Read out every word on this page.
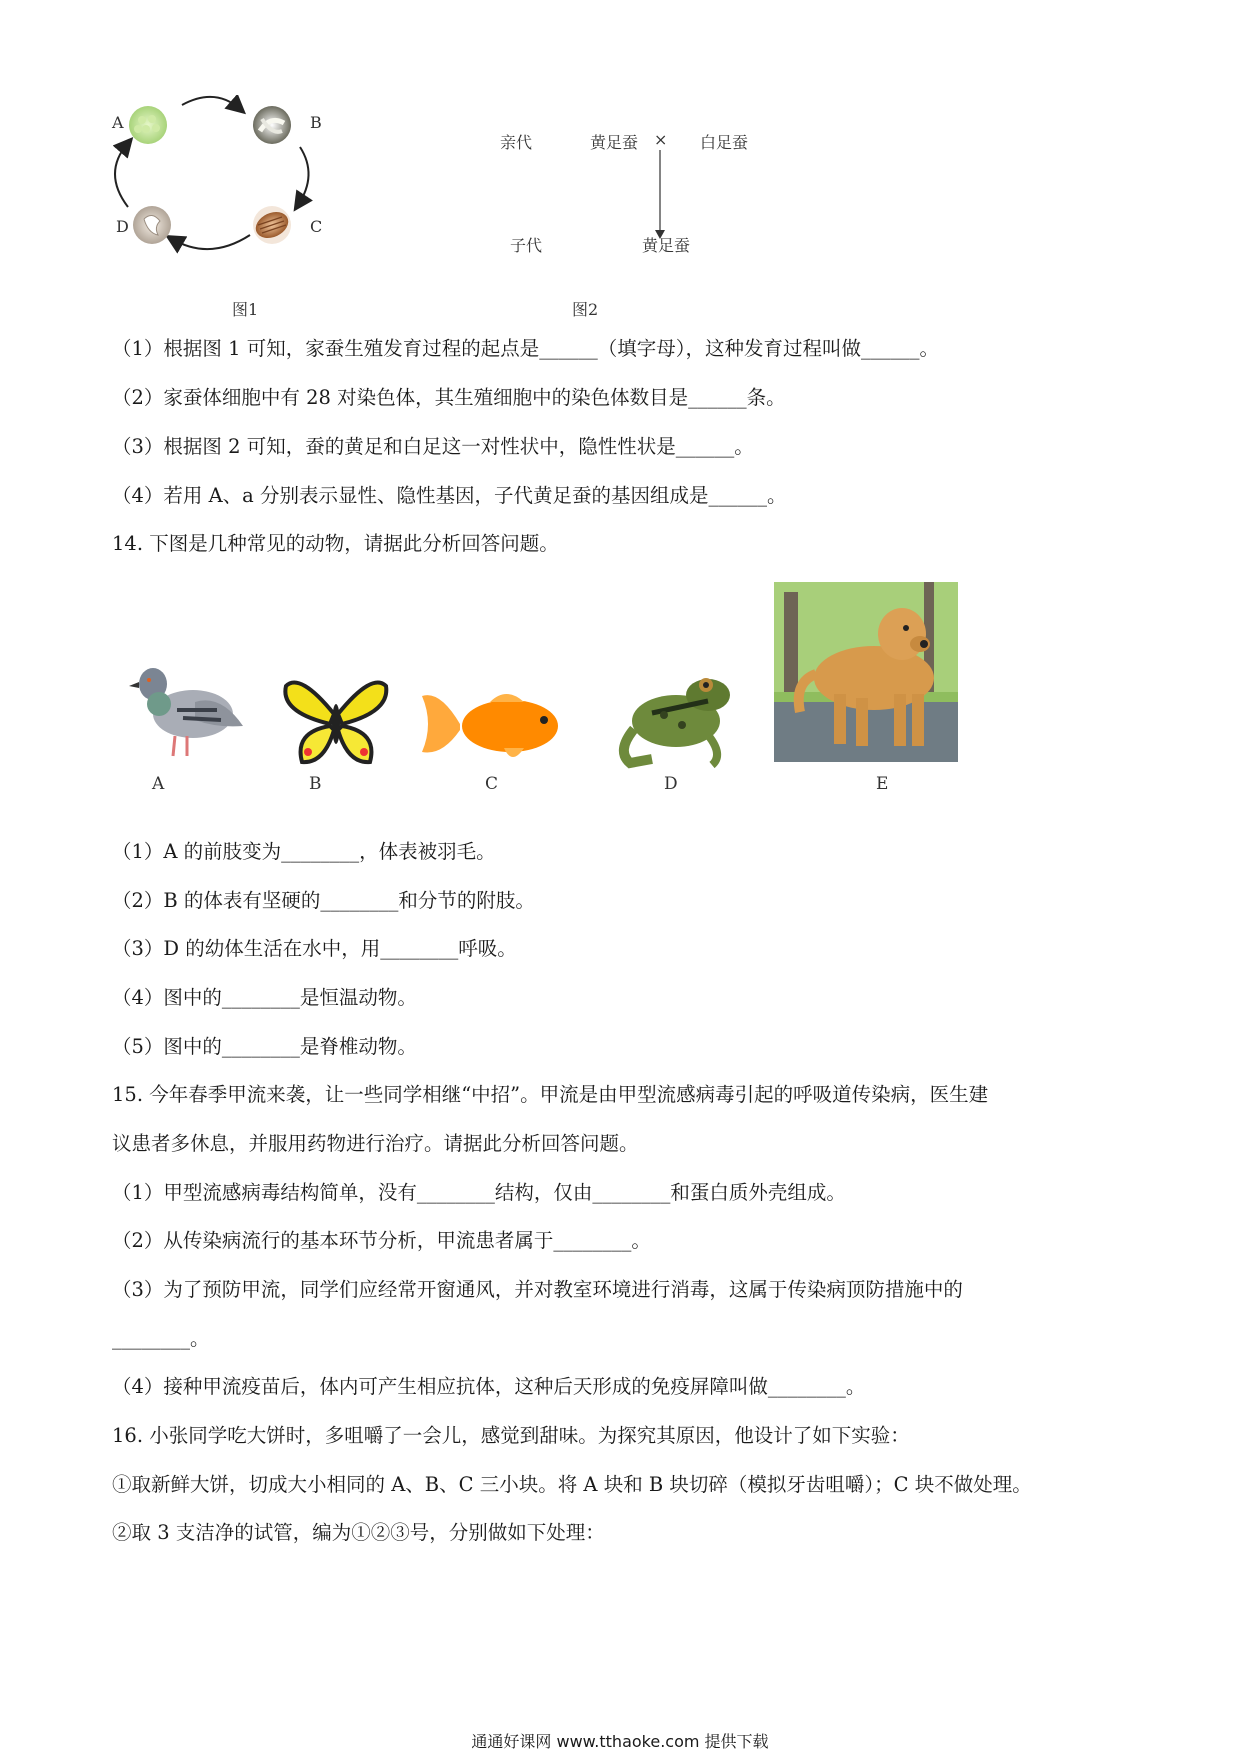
A	B
C
D
图1
亲代	黄足蚕 × 白足蚕
子代	黄足蚕
图2
（1）根据图 1 可知，家蚕生殖发育过程的起点是______（填字母），这种发育过程叫做______。
（2）家蚕体细胞中有 28 对染色体，其生殖细胞中的染色体数目是______条。
（3）根据图 2 可知，蚕的黄足和白足这一对性状中，隐性性状是______。
（4）若用 A、a 分别表示显性、隐性基因，子代黄足蚕的基因组成是______。
14. 下图是几种常见的动物，请据此分析回答问题。
A	B	C	D	E
（1）A 的前肢变为________，体表被羽毛。
（2）B 的体表有坚硬的________和分节的附肢。
（3）D 的幼体生活在水中，用________呼吸。
（4）图中的________是恒温动物。
（5）图中的________是脊椎动物。
15. 今年春季甲流来袭，让一些同学相继“中招”。甲流是由甲型流感病毒引起的呼吸道传染病，医生建
议患者多休息，并服用药物进行治疗。请据此分析回答问题。
（1）甲型流感病毒结构简单，没有________结构，仅由________和蛋白质外壳组成。
（2）从传染病流行的基本环节分析，甲流患者属于________。
（3）为了预防甲流，同学们应经常开窗通风，并对教室环境进行消毒，这属于传染病顶防措施中的
________。
（4）接种甲流疫苗后，体内可产生相应抗体，这种后天形成的免疫屏障叫做________。
16. 小张同学吃大饼时，多咀嚼了一会儿，感觉到甜味。为探究其原因，他设计了如下实验：
①取新鲜大饼，切成大小相同的 A、B、C 三小块。将 A 块和 B 块切碎（模拟牙齿咀嚼）；C 块不做处理。
②取 3 支洁净的试管，编为①②③号，分别做如下处理：
通通好课网 www.tthaoke.com 提供下载
